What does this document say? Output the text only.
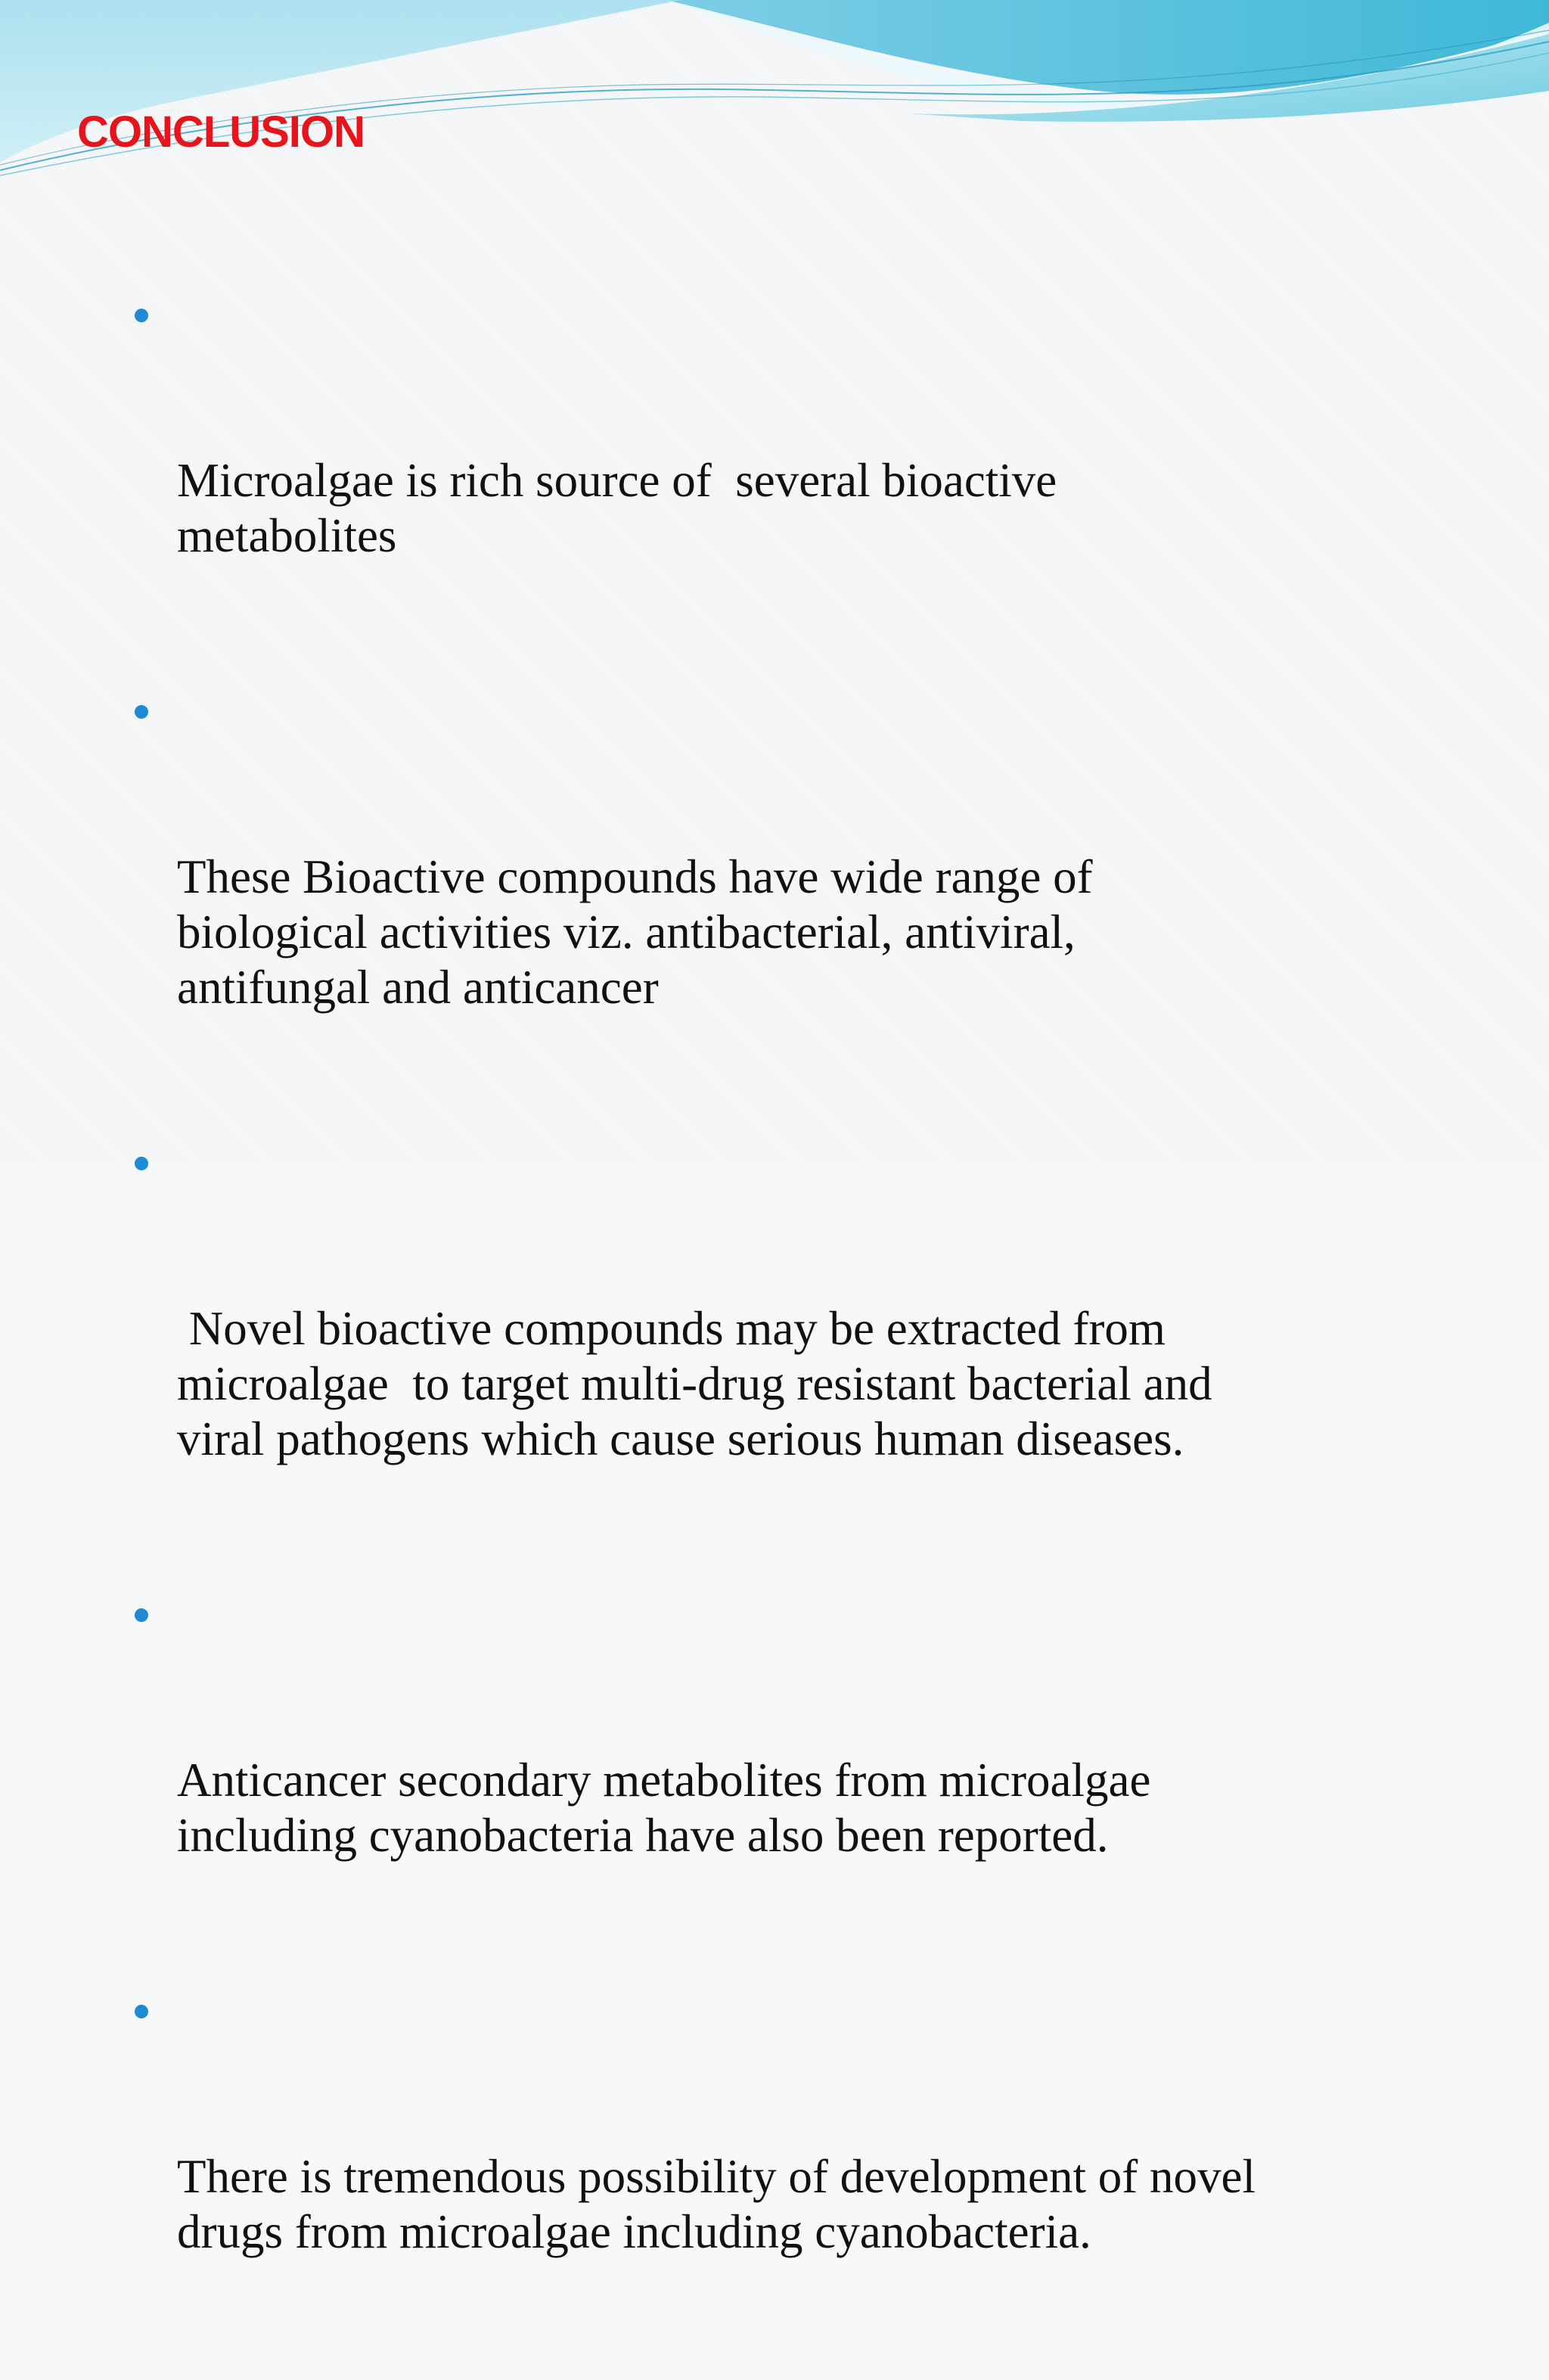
CONCLUSION

Microalgae is rich source of  several bioactive
metabolites

These Bioactive compounds have wide range of
biological activities viz. antibacterial, antiviral,
antifungal and anticancer

Novel bioactive compounds may be extracted from
microalgae  to target multi-drug resistant bacterial and
viral pathogens which cause serious human diseases.

Anticancer secondary metabolites from microalgae
including cyanobacteria have also been reported.

There is tremendous possibility of development of novel
drugs from microalgae including cyanobacteria.
